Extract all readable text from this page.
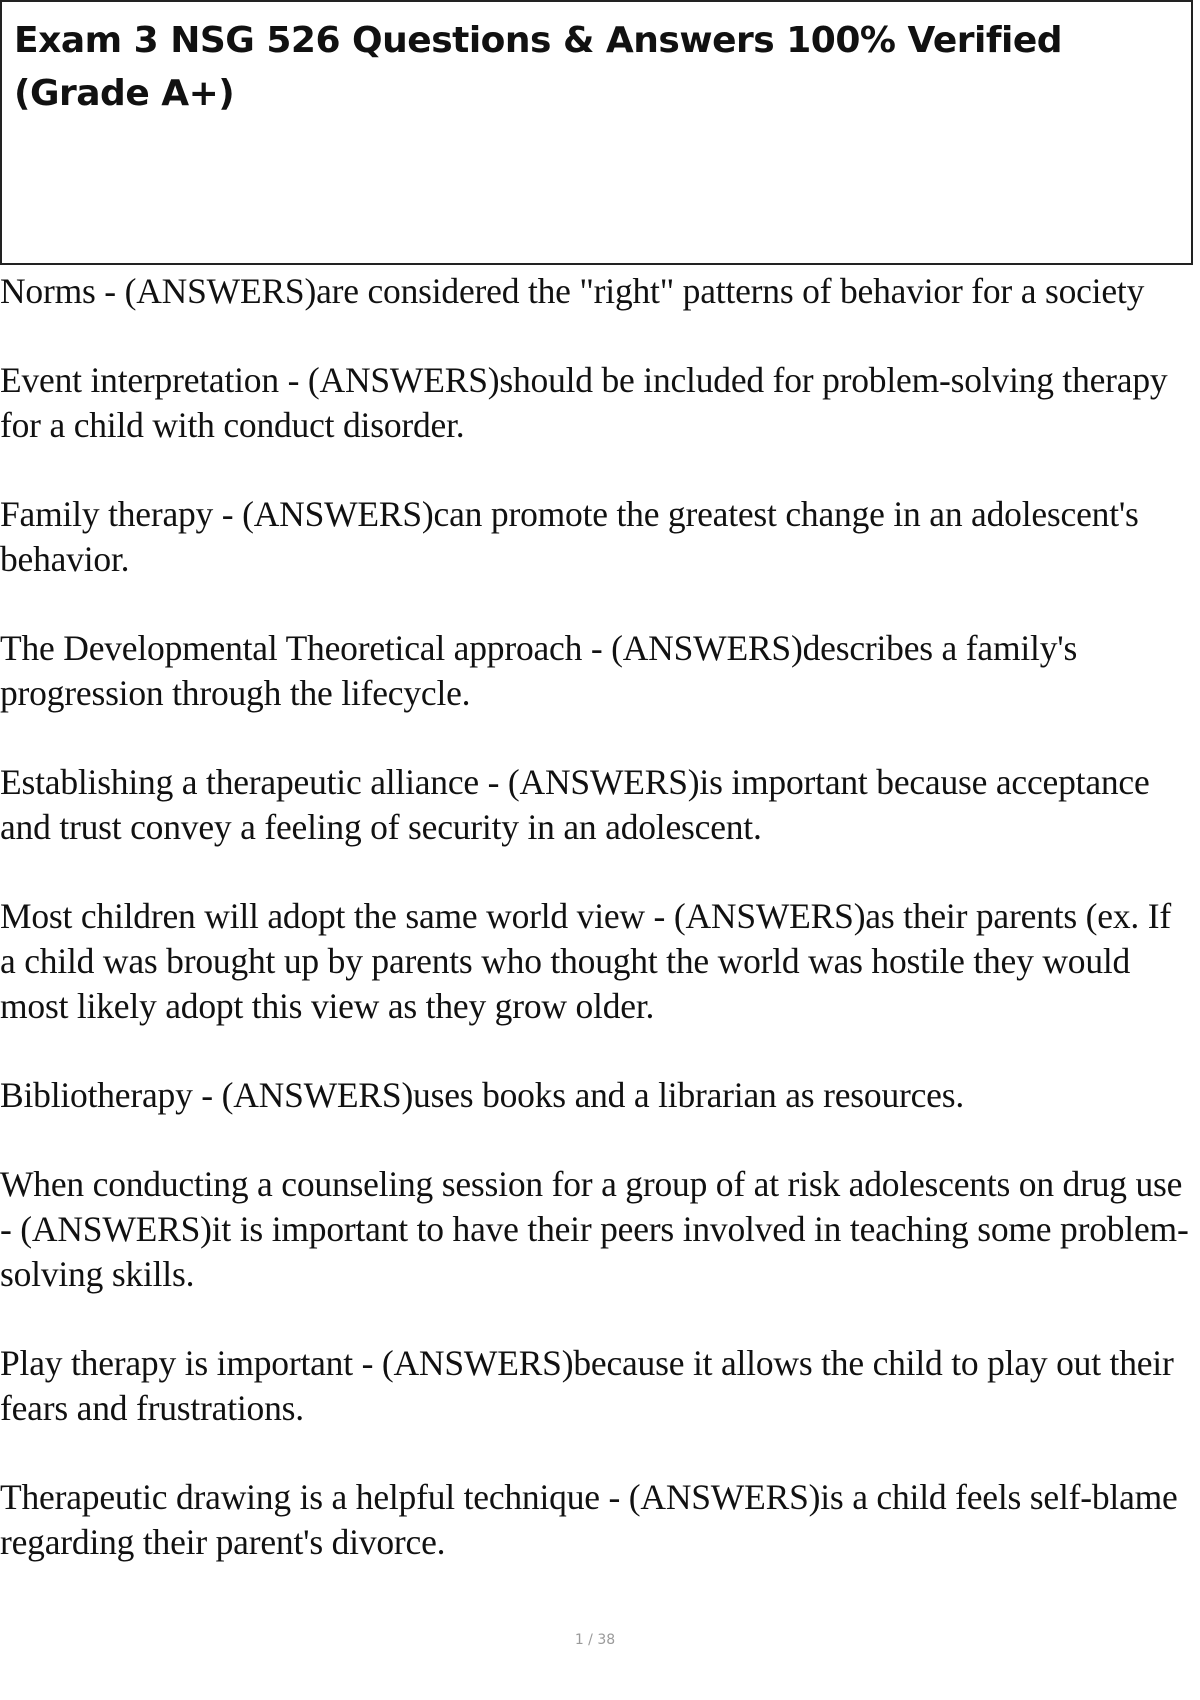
Exam 3 NSG 526 Questions & Answers 100% Verified (Grade A+)
Norms - (ANSWERS)are considered the "right" patterns of behavior for a society
Event interpretation - (ANSWERS)should be included for problem-solving therapy for a child with conduct disorder.
Family therapy - (ANSWERS)can promote the greatest change in an adolescent's behavior.
The Developmental Theoretical approach - (ANSWERS)describes a family's progression through the lifecycle.
Establishing a therapeutic alliance - (ANSWERS)is important because acceptance and trust convey a feeling of security in an adolescent.
Most children will adopt the same world view - (ANSWERS)as their parents (ex. If a child was brought up by parents who thought the world was hostile they would most likely adopt this view as they grow older.
Bibliotherapy - (ANSWERS)uses books and a librarian as resources.
When conducting a counseling session for a group of at risk adolescents on drug use - (ANSWERS)it is important to have their peers involved in teaching some problem-solving skills.
Play therapy is important - (ANSWERS)because it allows the child to play out their fears and frustrations.
Therapeutic drawing is a helpful technique - (ANSWERS)is a child feels self-blame regarding their parent's divorce.
1 / 38
